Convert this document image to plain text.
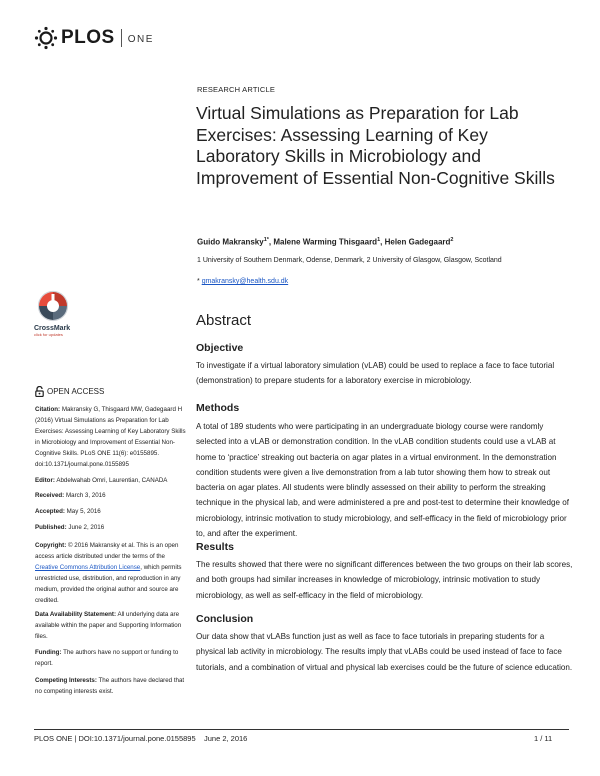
PLOS ONE
RESEARCH ARTICLE
Virtual Simulations as Preparation for Lab Exercises: Assessing Learning of Key Laboratory Skills in Microbiology and Improvement of Essential Non-Cognitive Skills
Guido Makransky$^{1*}$, Malene Warming Thisgaard$^1$, Helen Gadegaard$^2$
1 University of Southern Denmark, Odense, Denmark, 2 University of Glasgow, Glasgow, Scotland
* gmakransky@health.sdu.dk
Abstract
Objective
To investigate if a virtual laboratory simulation (vLAB) could be used to replace a face to face tutorial (demonstration) to prepare students for a laboratory exercise in microbiology.
Methods
A total of 189 students who were participating in an undergraduate biology course were randomly selected into a vLAB or demonstration condition. In the vLAB condition students could use a vLAB at home to ‘practice’ streaking out bacteria on agar plates in a virtual environment. In the demonstration condition students were given a live demonstration from a lab tutor showing them how to streak out bacteria on agar plates. All students were blindly assessed on their ability to perform the streaking technique in the physical lab, and were administered a pre and post-test to determine their knowledge of microbiology, intrinsic motivation to study microbiology, and self-efficacy in the field of microbiology prior to, and after the experiment.
Results
The results showed that there were no significant differences between the two groups on their lab scores, and both groups had similar increases in knowledge of microbiology, intrinsic motivation to study microbiology, as well as self-efficacy in the field of microbiology.
Conclusion
Our data show that vLABs function just as well as face to face tutorials in preparing students for a physical lab activity in microbiology. The results imply that vLABs could be used instead of face to face tutorials, and a combination of virtual and physical lab exercises could be the future of science education.
CrossMark
click for updates
OPEN ACCESS
Citation: Makransky G, Thisgaard MW, Gadegaard H (2016) Virtual Simulations as Preparation for Lab Exercises: Assessing Learning of Key Laboratory Skills in Microbiology and Improvement of Essential Non-Cognitive Skills. PLoS ONE 11(6): e0155895. doi:10.1371/journal.pone.0155895
Editor: Abdelwahab Omri, Laurentian, CANADA
Received: March 3, 2016
Accepted: May 5, 2016
Published: June 2, 2016
Copyright: © 2016 Makransky et al. This is an open access article distributed under the terms of the Creative Commons Attribution License, which permits unrestricted use, distribution, and reproduction in any medium, provided the original author and source are credited.
Data Availability Statement: All underlying data are available within the paper and Supporting Information files.
Funding: The authors have no support or funding to report.
Competing Interests: The authors have declared that no competing interests exist.
PLOS ONE | DOI:10.1371/journal.pone.0155895    June 2, 2016	1 / 11
